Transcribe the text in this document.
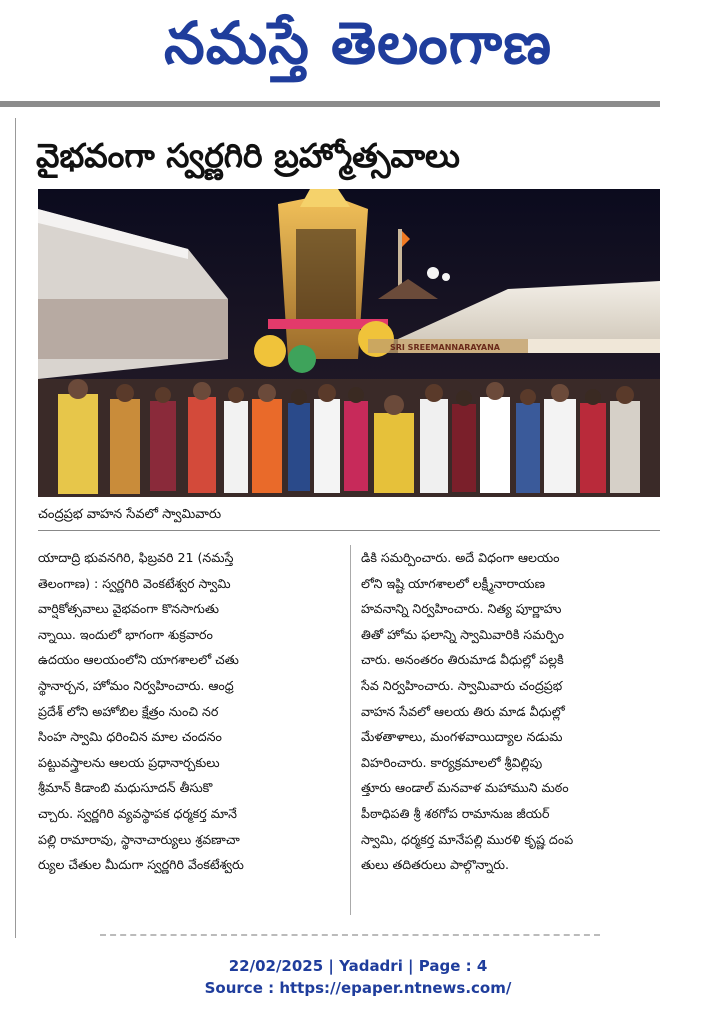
నమస్తే తెలంగాణ
వైభవంగా స్వర్ణగిరి బ్రహ్మోత్సవాలు
SRI SREEMANNARAYANA
చంద్రప్రభ వాహన సేవలో స్వామివారు
యాదాద్రి భువనగిరి, ఫిబ్రవరి 21 (నమస్తే
తెలంగాణ) : స్వర్ణగిరి వెంకటేశ్వర స్వామి
వార్షికోత్సవాలు వైభవంగా కొనసాగుతు
న్నాయి. ఇందులో భాగంగా శుక్రవారం
ఉదయం ఆలయంలోని యాగశాలలో చతు
స్థానార్చన, హోమం నిర్వహించారు. ఆంధ్ర
ప్రదేశ్ లోని అహోబిల క్షేత్రం నుంచి నర
సింహ స్వామి ధరించిన మాల చందనం
పట్టువస్త్రాలను ఆలయ ప్రధానార్చకులు
శ్రీమాన్ కిడాంబి మధుసూదన్ తీసుకొ
చ్చారు. స్వర్ణగిరి వ్యవస్థాపక ధర్మకర్త మానే
పల్లి రామారావు, స్థానాచార్యులు శ్రవణాచా
ర్యుల చేతుల మీదుగా స్వర్ణగిరి వేంకటేశ్వరు
డికి సమర్పించారు. అదే విధంగా ఆలయం
లోని ఇష్టి యాగశాలలో లక్ష్మీనారాయణ
హవనాన్ని నిర్వహించారు. నిత్య పూర్ణాహు
తితో హోమ ఫలాన్ని స్వామివారికి సమర్పిం
చారు. అనంతరం తిరుమాడ వీధుల్లో పల్లకి
సేవ నిర్వహించారు. స్వామివారు చంద్రప్రభ
వాహన సేవలో ఆలయ తిరు మాడ వీధుల్లో
మేళతాళాలు, మంగళవాయిద్యాల నడుమ
విహరించారు. కార్యక్రమాలలో శ్రీవిల్లిపు
త్తూరు ఆండాల్ మనవాళ మహాముని మఠం
పీఠాధిపతి శ్రీ శఠగోప రామానుజ జీయర్
స్వామి, ధర్మకర్త మానేపల్లి మురళి కృష్ణ దంప
తులు తదితరులు పాల్గొన్నారు.
22/02/2025 | Yadadri | Page : 4
Source : https://epaper.ntnews.com/
